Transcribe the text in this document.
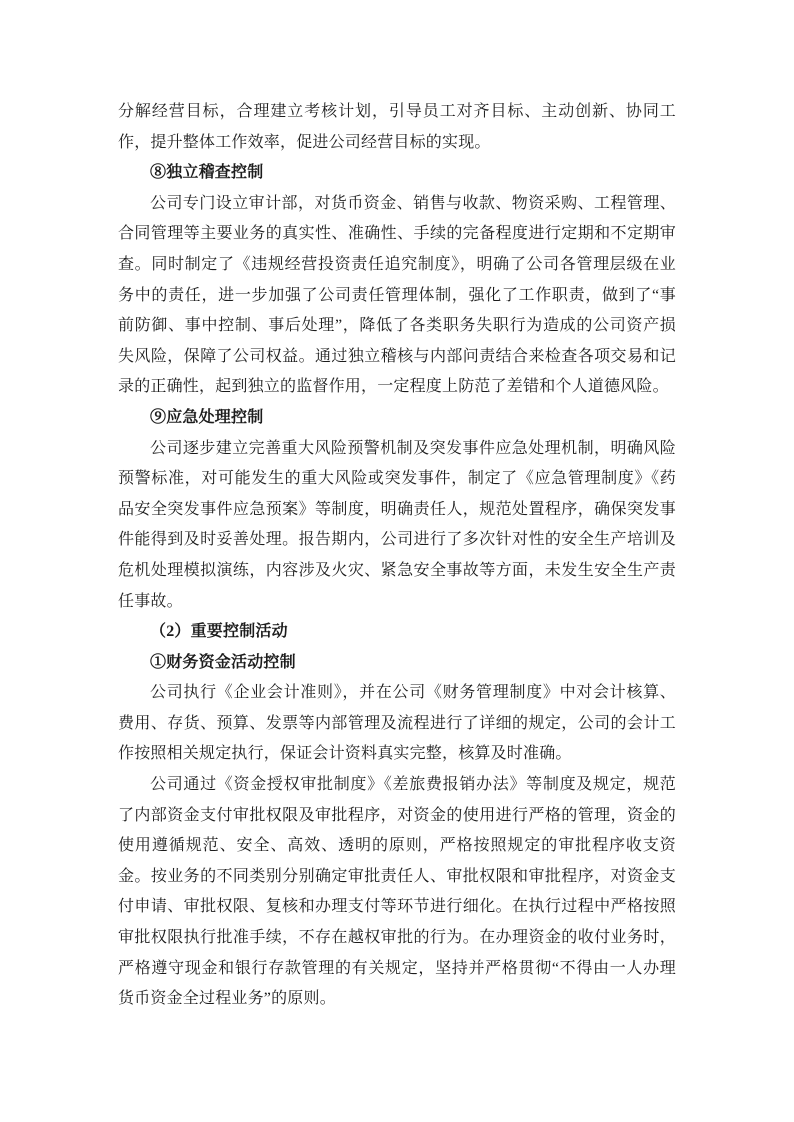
分解经营目标，合理建立考核计划，引导员工对齐目标、主动创新、协同工作，提升整体工作效率，促进公司经营目标的实现。

⑧独立稽查控制

公司专门设立审计部，对货币资金、销售与收款、物资采购、工程管理、合同管理等主要业务的真实性、准确性、手续的完备程度进行定期和不定期审查。同时制定了《违规经营投资责任追究制度》，明确了公司各管理层级在业务中的责任，进一步加强了公司责任管理体制，强化了工作职责，做到了“事前防御、事中控制、事后处理”，降低了各类职务失职行为造成的公司资产损失风险，保障了公司权益。通过独立稽核与内部问责结合来检查各项交易和记录的正确性，起到独立的监督作用，一定程度上防范了差错和个人道德风险。

⑨应急处理控制

公司逐步建立完善重大风险预警机制及突发事件应急处理机制，明确风险预警标准，对可能发生的重大风险或突发事件，制定了《应急管理制度》《药品安全突发事件应急预案》等制度，明确责任人，规范处置程序，确保突发事件能得到及时妥善处理。报告期内，公司进行了多次针对性的安全生产培训及危机处理模拟演练，内容涉及火灾、紧急安全事故等方面，未发生安全生产责任事故。

（2）重要控制活动

①财务资金活动控制

公司执行《企业会计准则》，并在公司《财务管理制度》中对会计核算、费用、存货、预算、发票等内部管理及流程进行了详细的规定，公司的会计工作按照相关规定执行，保证会计资料真实完整，核算及时准确。

公司通过《资金授权审批制度》《差旅费报销办法》等制度及规定，规范了内部资金支付审批权限及审批程序，对资金的使用进行严格的管理，资金的使用遵循规范、安全、高效、透明的原则，严格按照规定的审批程序收支资金。按业务的不同类别分别确定审批责任人、审批权限和审批程序，对资金支付申请、审批权限、复核和办理支付等环节进行细化。在执行过程中严格按照审批权限执行批准手续，不存在越权审批的行为。在办理资金的收付业务时，严格遵守现金和银行存款管理的有关规定，坚持并严格贯彻“不得由一人办理货币资金全过程业务”的原则。
